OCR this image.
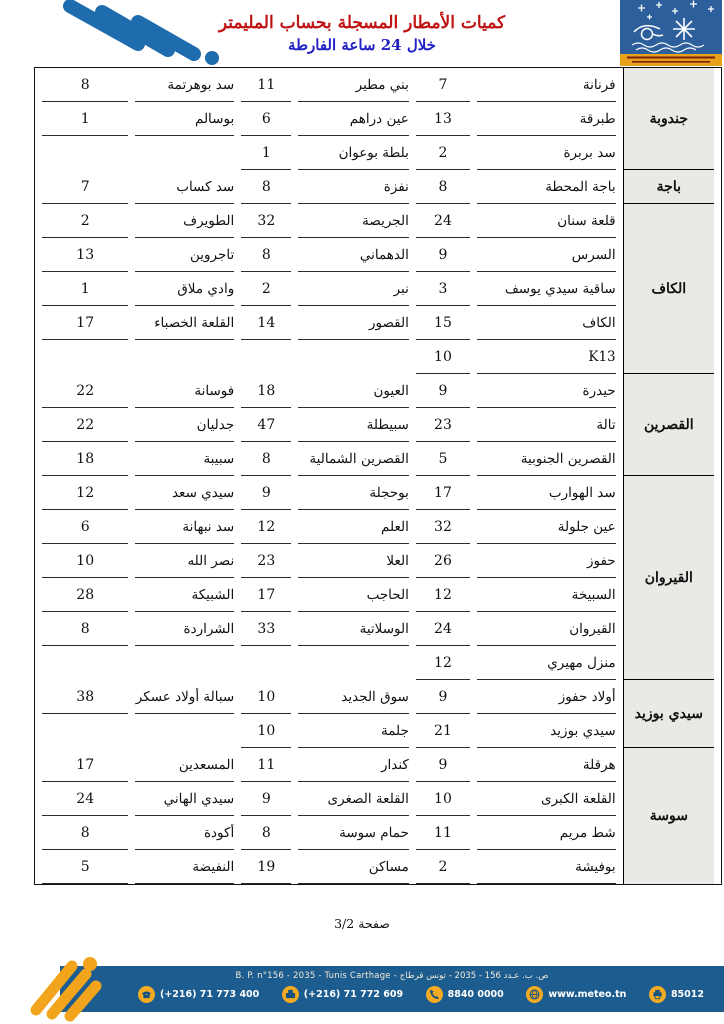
كميات الأمطار المسجلة بحساب المليمتر
خلال 24 ساعة الفارطة
جندوبة	فرنانة	7	بني مطير	11	سد بوهرتمة	8
	طبرقة	13	عين دراهم	6	بوسالم	1
	سد بربرة	2	بلطة بوعوان	1		
باجة	باجة المحطة	8	نفزة	8	سد كساب	7
الكاف	قلعة سنان	24	الجريصة	32	الطويرف	2
	السرس	9	الدهماني	8	تاجروين	13
	ساقية سيدي يوسف	3	نبر	2	وادي ملاق	1
	الكاف	15	القصور	14	القلعة الخصباء	17
	K13	10				
القصرين	حيدرة	9	العيون	18	فوسانة	22
	تالة	23	سبيطلة	47	جدليان	22
	القصرين الجنوبية	5	القصرين الشمالية	8	سبيبة	18
القيروان	سد الهوارب	17	بوحجلة	9	سيدي سعد	12
	عين جلولة	32	العلم	12	سد نبهانة	6
	حفوز	26	العلا	23	نصر الله	10
	السبيخة	12	الحاجب	17	الشبيكة	28
	القيروان	24	الوسلاتية	33	الشراردة	8
	منزل مهيري	12				
سيدي بوزيد	أولاد حفوز	9	سوق الجديد	10	سبالة أولاد عسكر	38
	سيدي بوزيد	21	جلمة	10		
سوسة	هرقلة	9	كندار	11	المسعدين	17
	القلعة الكبرى	10	القلعة الصغرى	9	سيدي الهاني	24
	شط مريم	11	حمام سوسة	8	أكودة	8
	بوفيشة	2	مساكن	19	النفيضة	5
صفحة 3/2
B. P. n°156 - 2035 - Tunis Carthage - ص. ب. عـدد 156 - 2035 - تونس قرطاج
(+216) 71 773 400	(+216) 71 772 609	8840 0000	www.meteo.tn	85012
